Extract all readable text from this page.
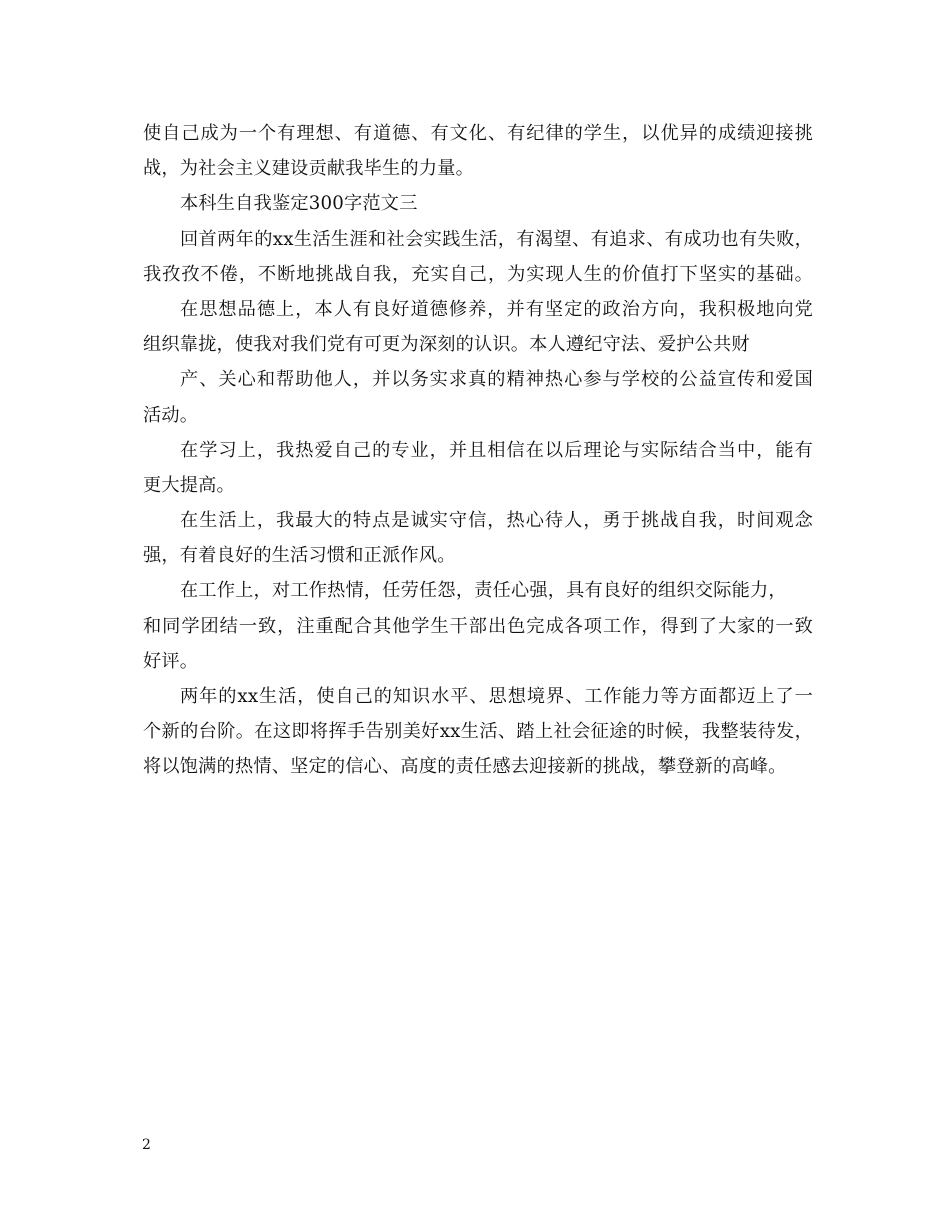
使自己成为一个有理想、有道德、有文化、有纪律的学生，以优异的成绩迎接挑
战，为社会主义建设贡献我毕生的力量。
本科生自我鉴定300字范文三
回首两年的xx生活生涯和社会实践生活，有渴望、有追求、有成功也有失败，
我孜孜不倦，不断地挑战自我，充实自己，为实现人生的价值打下坚实的基础。
在思想品德上，本人有良好道德修养，并有坚定的政治方向，我积极地向党
组织靠拢，使我对我们党有可更为深刻的认识。本人遵纪守法、爱护公共财
产、关心和帮助他人，并以务实求真的精神热心参与学校的公益宣传和爱国
活动。
在学习上，我热爱自己的专业，并且相信在以后理论与实际结合当中，能有
更大提高。
在生活上，我最大的特点是诚实守信，热心待人，勇于挑战自我，时间观念
强，有着良好的生活习惯和正派作风。
在工作上，对工作热情，任劳任怨，责任心强，具有良好的组织交际能力，
和同学团结一致，注重配合其他学生干部出色完成各项工作，得到了大家的一致
好评。
两年的xx生活，使自己的知识水平、思想境界、工作能力等方面都迈上了一
个新的台阶。在这即将挥手告别美好xx生活、踏上社会征途的时候，我整装待发，
将以饱满的热情、坚定的信心、高度的责任感去迎接新的挑战，攀登新的高峰。
2
